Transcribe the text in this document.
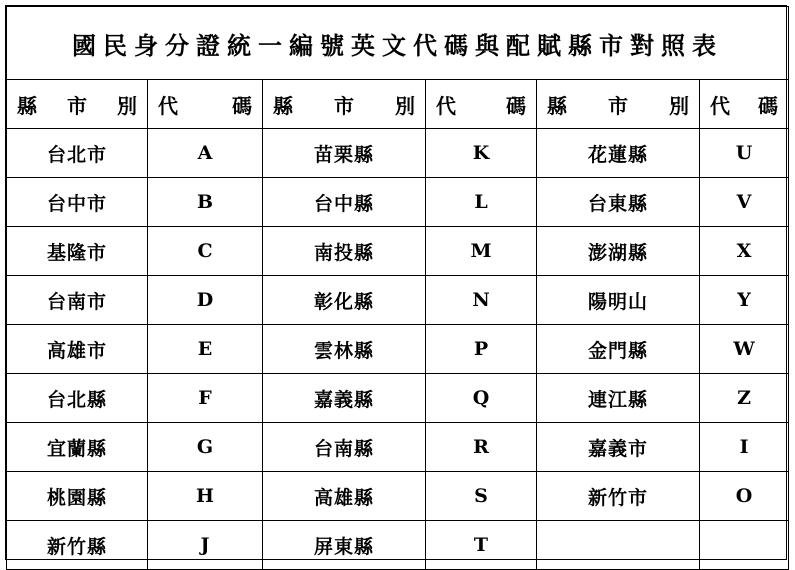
國民身分證統一編號英文代碼與配賦縣市對照表					
縣 市 別	代 碼	縣 市 別	代 碼	縣 市 別	代 碼
台北市	A	苗栗縣	K	花蓮縣	U
台中市	B	台中縣	L	台東縣	V
基隆市	C	南投縣	M	澎湖縣	X
台南市	D	彰化縣	N	陽明山	Y
高雄市	E	雲林縣	P	金門縣	W
台北縣	F	嘉義縣	Q	連江縣	Z
宜蘭縣	G	台南縣	R	嘉義市	I
桃園縣	H	高雄縣	S	新竹市	O
新竹縣	J	屏東縣	T		
